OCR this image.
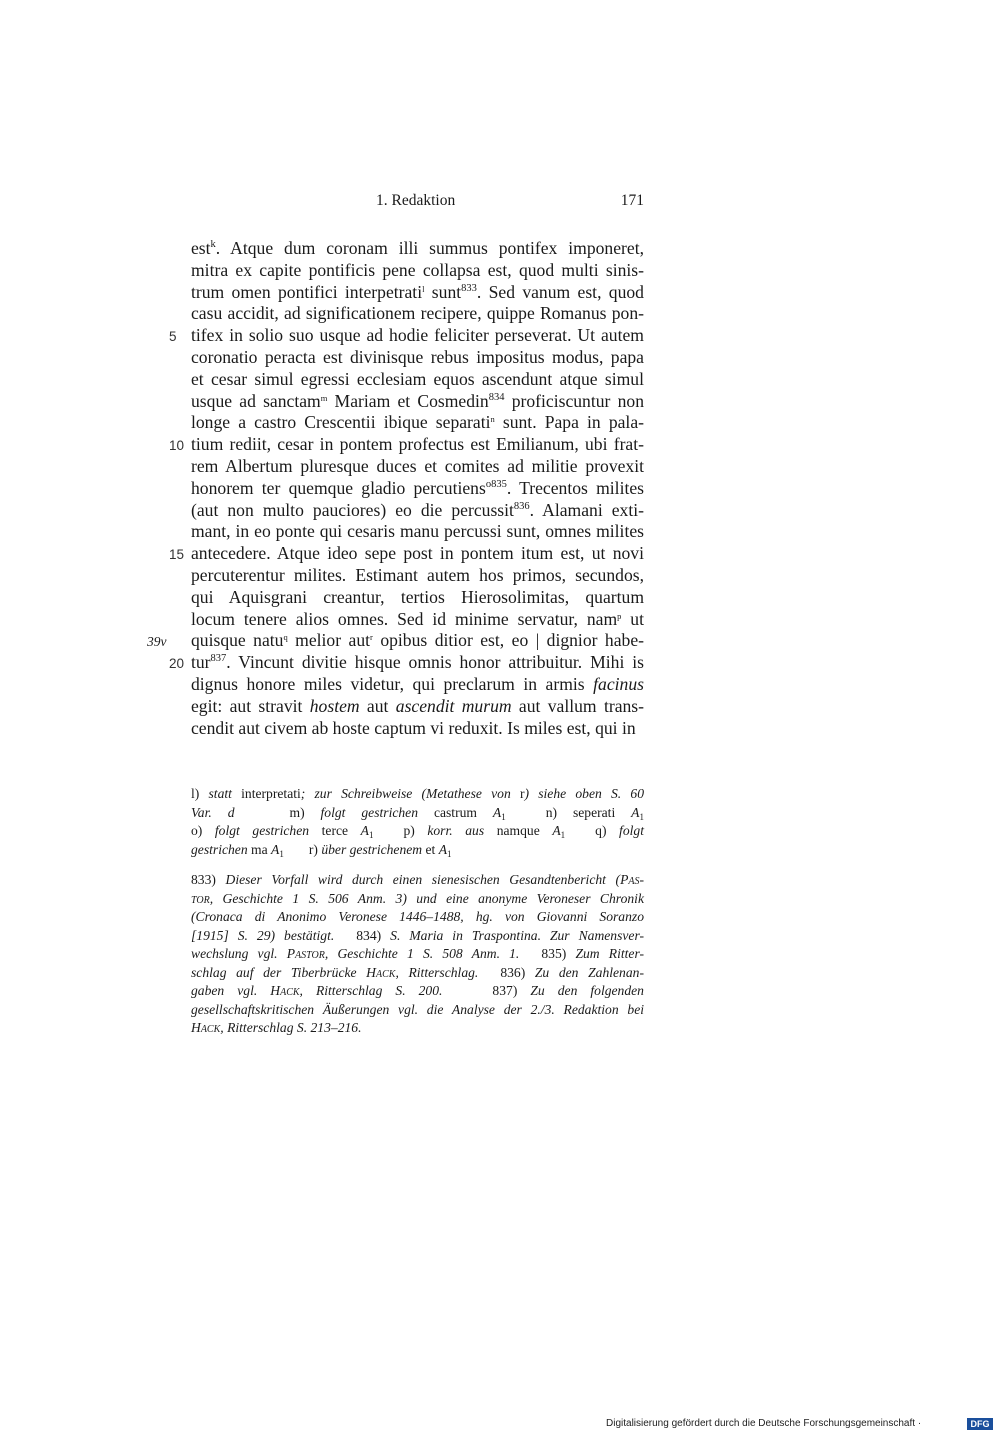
1. Redaktion	171
est$^k$. Atque dum coronam illi summus pontifex imponeret,
mitra ex capite pontificis pene collapsa est, quod multi sinis-
trum omen pontifici interpetrati$^l$ sunt$^{833}$. Sed vanum est, quod
casu accidit, ad significationem recipere, quippe Romanus pon-
5 tifex in solio suo usque ad hodie feliciter perseverat. Ut autem
coronatio peracta est divinisque rebus impositus modus, papa
et cesar simul egressi ecclesiam equos ascendunt atque simul
usque ad sanctam$^m$ Mariam et Cosmedin$^{834}$ proficiscuntur non
longe a castro Crescentii ibique separati$^n$ sunt. Papa in pala-
10 tium rediit, cesar in pontem profectus est Emilianum, ubi frat-
rem Albertum pluresque duces et comites ad militie provexit
honorem ter quemque gladio percutiens$^{o835}$. Trecentos milites
(aut non multo pauciores) eo die percussit$^{836}$. Alamani exti-
mant, in eo ponte qui cesaris manu percussi sunt, omnes milites
15 antecedere. Atque ideo sepe post in pontem itum est, ut novi
percuterentur milites. Estimant autem hos primos, secundos,
qui Aquisgrani creantur, tertios Hierosolimitas, quartum
locum tenere alios omnes. Sed id minime servatur, nam$^p$ ut
39v quisque natu$^q$ melior aut$^r$ opibus ditior est, eo | dignior habe-
20 tur$^{837}$. Vincunt divitie hisque omnis honor attribuitur. Mihi is
dignus honore miles videtur, qui preclarum in armis facinus
egit: aut stravit hostem aut ascendit murum aut vallum trans-
cendit aut civem ab hoste captum vi reduxit. Is miles est, qui in
l) statt interpretati; zur Schreibweise (Metathese von r) siehe oben S. 60
Var. d	m) folgt gestrichen castrum $A_1$	n) seperati $A_1$
o) folgt gestrichen terce $A_1$ p) korr. aus namque $A_1$ q) folgt
gestrichen ma $A_1$ r) über gestrichenem et $A_1$
833) Dieser Vorfall wird durch einen sienesischen Gesandtenbericht (Pas-
tor, Geschichte 1 S. 506 Anm. 3) und eine anonyme Veroneser Chronik
(Cronaca di Anonimo Veronese 1446–1488, hg. von Giovanni Soranzo
[1915] S. 29) bestätigt. 834) S. Maria in Traspontina. Zur Namensver-
wechslung vgl. Pastor, Geschichte 1 S. 508 Anm. 1. 835) Zum Ritter-
schlag auf der Tiberbrücke Hack, Ritterschlag. 836) Zu den Zahlenan-
gaben vgl. Hack, Ritterschlag S. 200.	837) Zu den folgenden
gesellschaftskritischen Äußerungen vgl. die Analyse der 2./3. Redaktion bei
Hack, Ritterschlag S. 213–216.
Digitalisierung gefördert durch die Deutsche Forschungsgemeinschaft ·	DFG
